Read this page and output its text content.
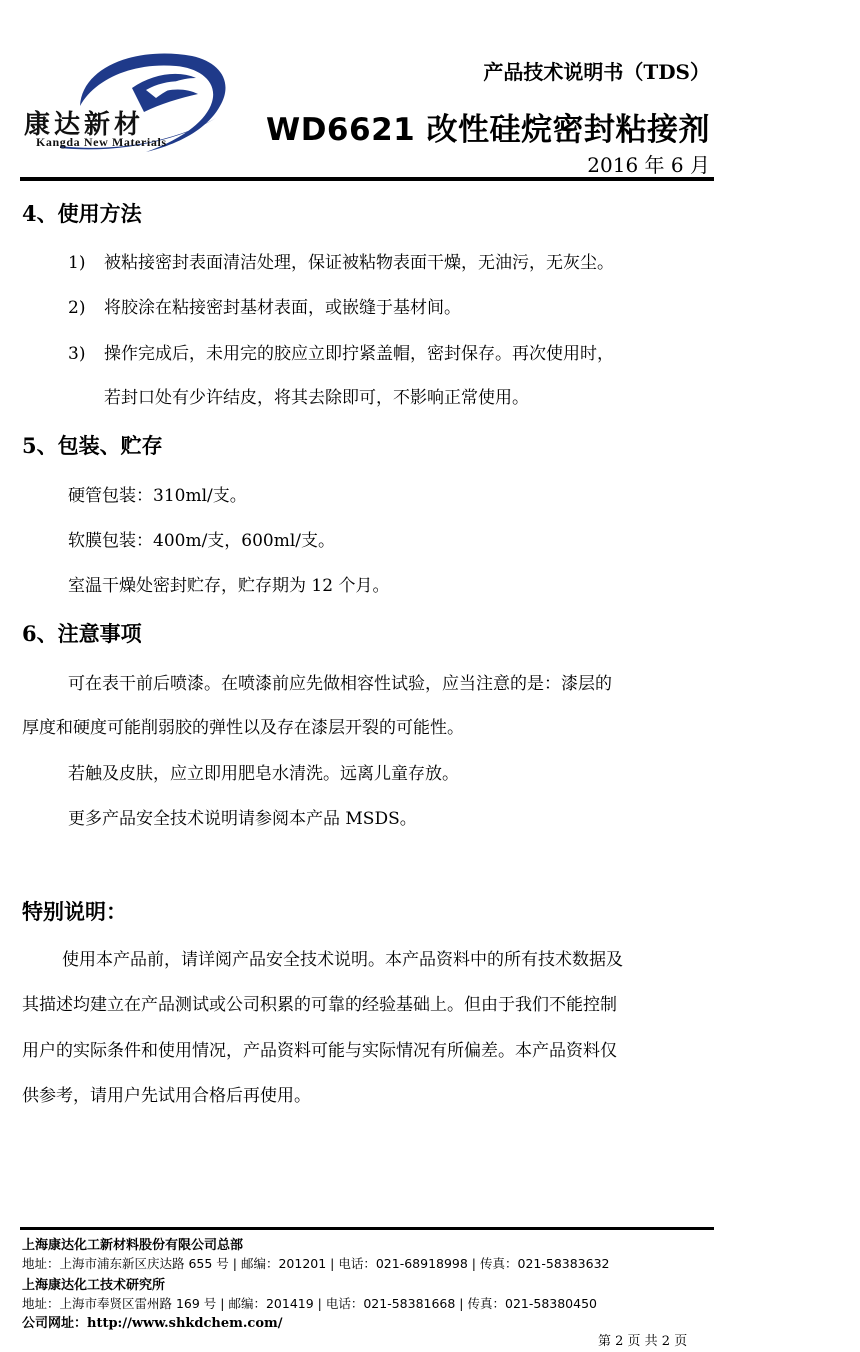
康达新材
Kangda New Materials
产品技术说明书（TDS）
WD6621 改性硅烷密封粘接剂
2016 年 6 月
4、使用方法
1) 被粘接密封表面清洁处理，保证被粘物表面干燥，无油污，无灰尘。
2) 将胶涂在粘接密封基材表面，或嵌缝于基材间。
3) 操作完成后，未用完的胶应立即拧紧盖帽，密封保存。再次使用时，
若封口处有少许结皮，将其去除即可，不影响正常使用。
5、包装、贮存
硬管包装：310ml/支。
软膜包装：400m/支，600ml/支。
室温干燥处密封贮存，贮存期为 12 个月。
6、注意事项
可在表干前后喷漆。在喷漆前应先做相容性试验，应当注意的是：漆层的
厚度和硬度可能削弱胶的弹性以及存在漆层开裂的可能性。
若触及皮肤，应立即用肥皂水清洗。远离儿童存放。
更多产品安全技术说明请参阅本产品 MSDS。
特别说明：
使用本产品前，请详阅产品安全技术说明。本产品资料中的所有技术数据及
其描述均建立在产品测试或公司积累的可靠的经验基础上。但由于我们不能控制
用户的实际条件和使用情况，产品资料可能与实际情况有所偏差。本产品资料仅
供参考，请用户先试用合格后再使用。
上海康达化工新材料股份有限公司总部
地址：上海市浦东新区庆达路 655 号 | 邮编：201201 | 电话：021-68918998 | 传真：021-58383632
上海康达化工技术研究所
地址：上海市奉贤区雷州路 169 号 | 邮编：201419 | 电话：021-58381668 | 传真：021-58380450
公司网址：http://www.shkdchem.com/
第 2 页 共 2 页
